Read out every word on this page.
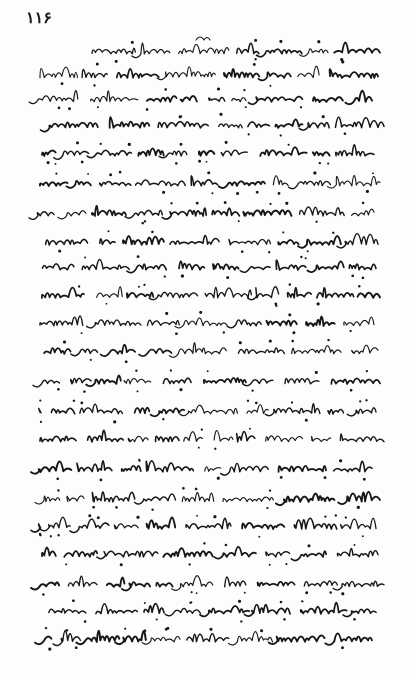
۱۱۶
